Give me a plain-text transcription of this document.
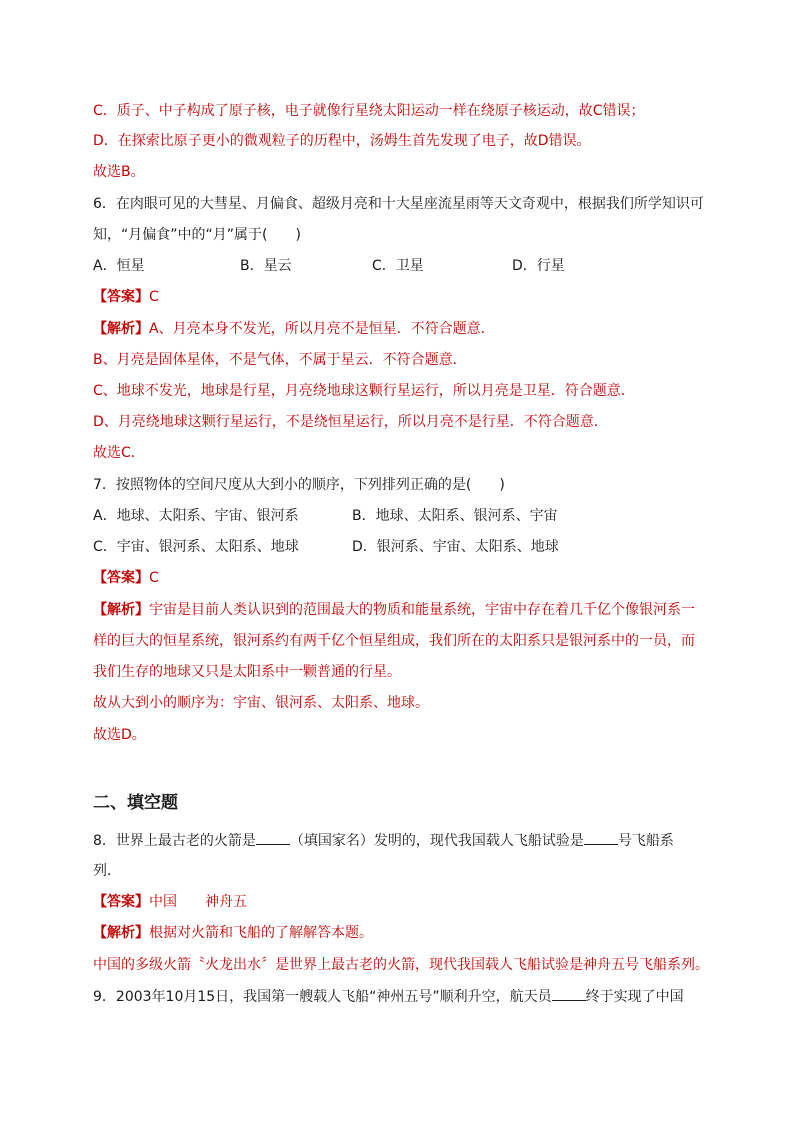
C．质子、中子构成了原子核，电子就像行星绕太阳运动一样在绕原子核运动，故C错误；
D．在探索比原子更小的微观粒子的历程中，汤姆生首先发现了电子，故D错误。
故选B。
6．在肉眼可见的大彗星、月偏食、超级月亮和十大星座流星雨等天文奇观中，根据我们所学知识可
知，“月偏食”中的“月”属于(　　)
A．恒星	B．星云	C．卫星	D．行星
【答案】C
【解析】A、月亮本身不发光，所以月亮不是恒星．不符合题意．
B、月亮是固体星体，不是气体，不属于星云．不符合题意．
C、地球不发光，地球是行星，月亮绕地球这颗行星运行，所以月亮是卫星．符合题意．
D、月亮绕地球这颗行星运行，不是绕恒星运行，所以月亮不是行星．不符合题意．
故选C．
7．按照物体的空间尺度从大到小的顺序，下列排列正确的是(　　)
A．地球、太阳系、宇宙、银河系	B．地球、太阳系、银河系、宇宙
C．宇宙、银河系、太阳系、地球	D．银河系、宇宙、太阳系、地球
【答案】C
【解析】宇宙是目前人类认识到的范围最大的物质和能量系统，宇宙中存在着几千亿个像银河系一
样的巨大的恒星系统，银河系约有两千亿个恒星组成，我们所在的太阳系只是银河系中的一员，而
我们生存的地球又只是太阳系中一颗普通的行星。
故从大到小的顺序为：宇宙、银河系、太阳系、地球。
故选D。
二、填空题
8．世界上最古老的火箭是 （填国家名）发明的，现代我国载人飞船试验是 号飞船系
列．
【答案】中国　　神舟五
【解析】根据对火箭和飞船的了解解答本题。
中国的多级火箭〝火龙出水〞是世界上最古老的火箭，现代我国载人飞船试验是神舟五号飞船系列。
9．2003年10月15日，我国第一艘载人飞船“神州五号”顺利升空，航天员 终于实现了中国
